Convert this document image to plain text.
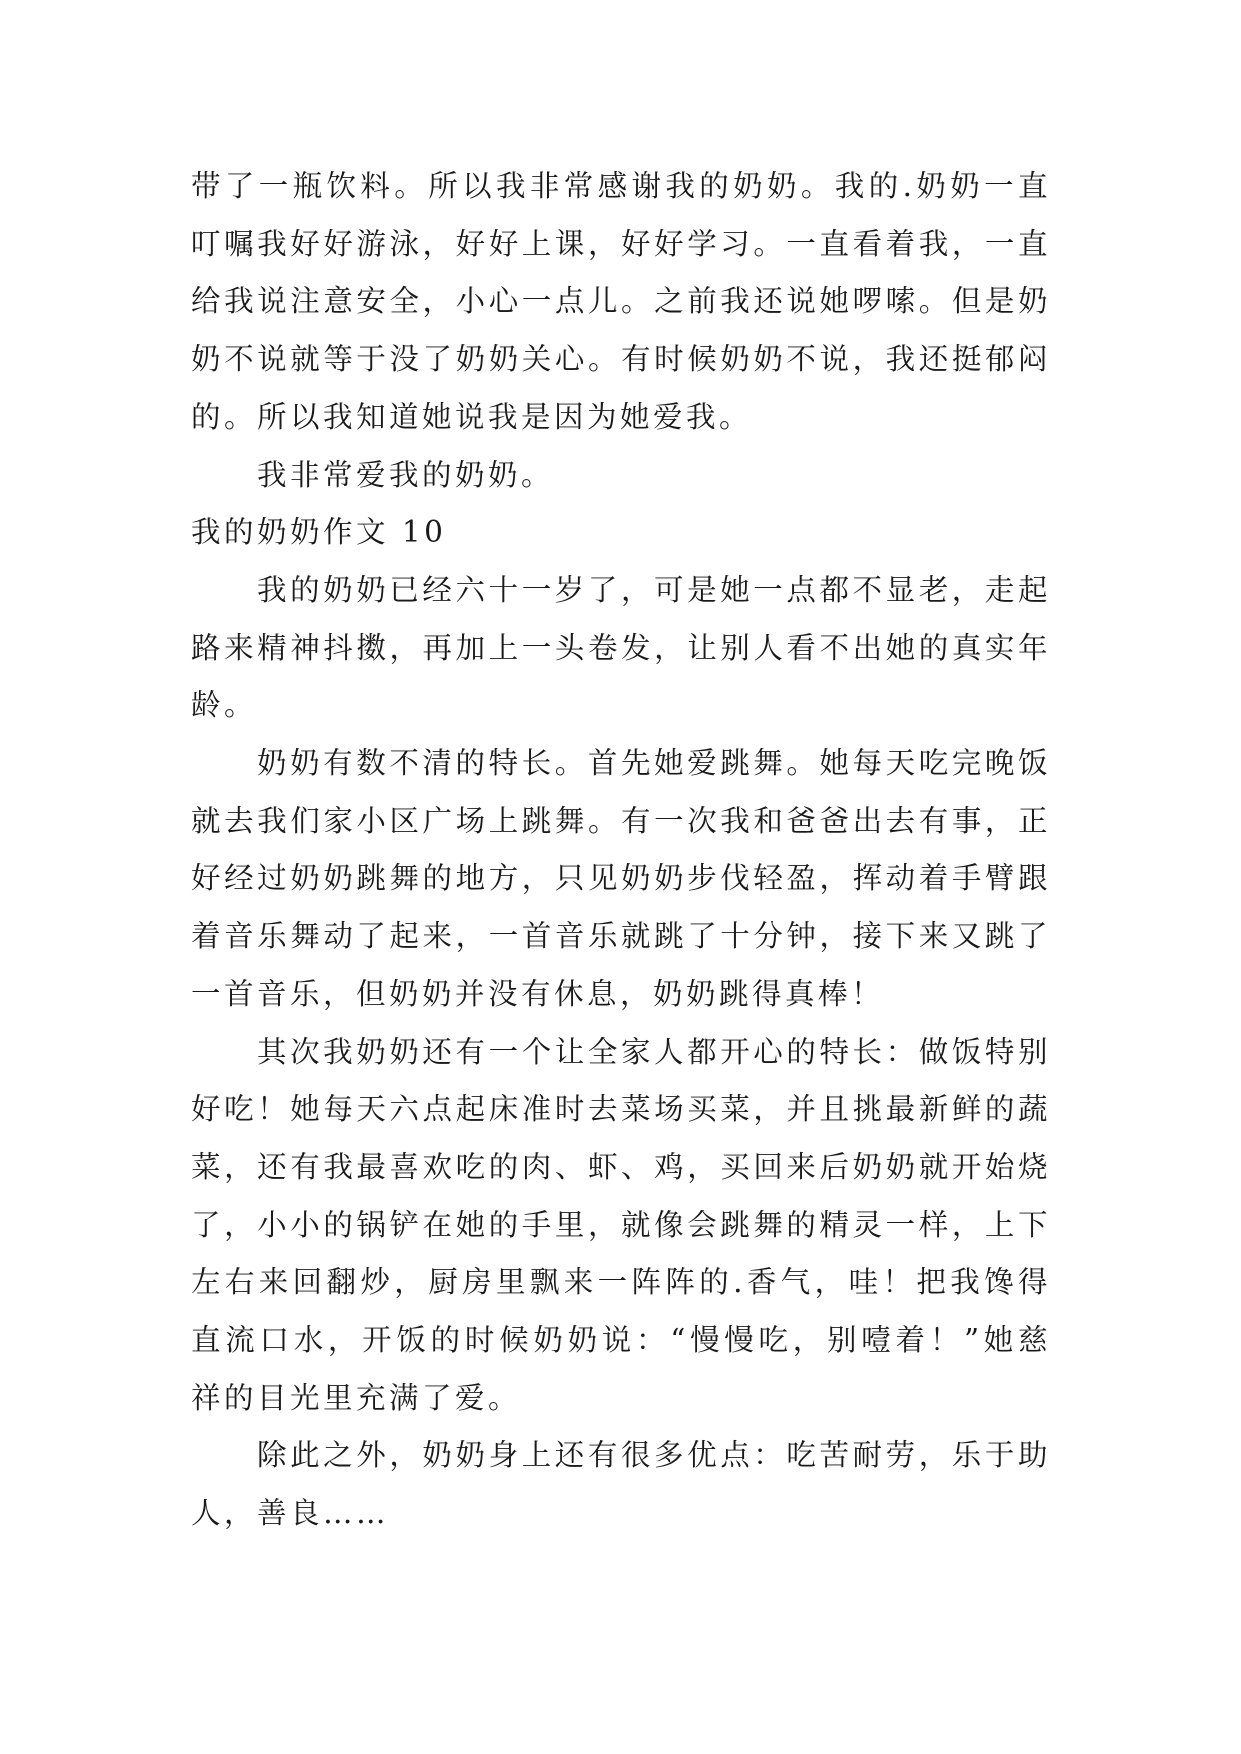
带了一瓶饮料。所以我非常感谢我的奶奶。我的.奶奶一直叮嘱我好好游泳，好好上课，好好学习。一直看着我，一直给我说注意安全，小心一点儿。之前我还说她啰嗦。但是奶奶不说就等于没了奶奶关心。有时候奶奶不说，我还挺郁闷的。所以我知道她说我是因为她爱我。

我非常爱我的奶奶。

我的奶奶作文 10

我的奶奶已经六十一岁了，可是她一点都不显老，走起路来精神抖擞，再加上一头卷发，让别人看不出她的真实年龄。

奶奶有数不清的特长。首先她爱跳舞。她每天吃完晚饭就去我们家小区广场上跳舞。有一次我和爸爸出去有事，正好经过奶奶跳舞的地方，只见奶奶步伐轻盈，挥动着手臂跟着音乐舞动了起来，一首音乐就跳了十分钟，接下来又跳了一首音乐，但奶奶并没有休息，奶奶跳得真棒！

其次我奶奶还有一个让全家人都开心的特长：做饭特别好吃！她每天六点起床准时去菜场买菜，并且挑最新鲜的蔬菜，还有我最喜欢吃的肉、虾、鸡，买回来后奶奶就开始烧了，小小的锅铲在她的手里，就像会跳舞的精灵一样，上下左右来回翻炒，厨房里飘来一阵阵的.香气，哇！把我馋得直流口水，开饭的时候奶奶说：“慢慢吃，别噎着！”她慈祥的目光里充满了爱。

除此之外，奶奶身上还有很多优点：吃苦耐劳，乐于助人，善良……
